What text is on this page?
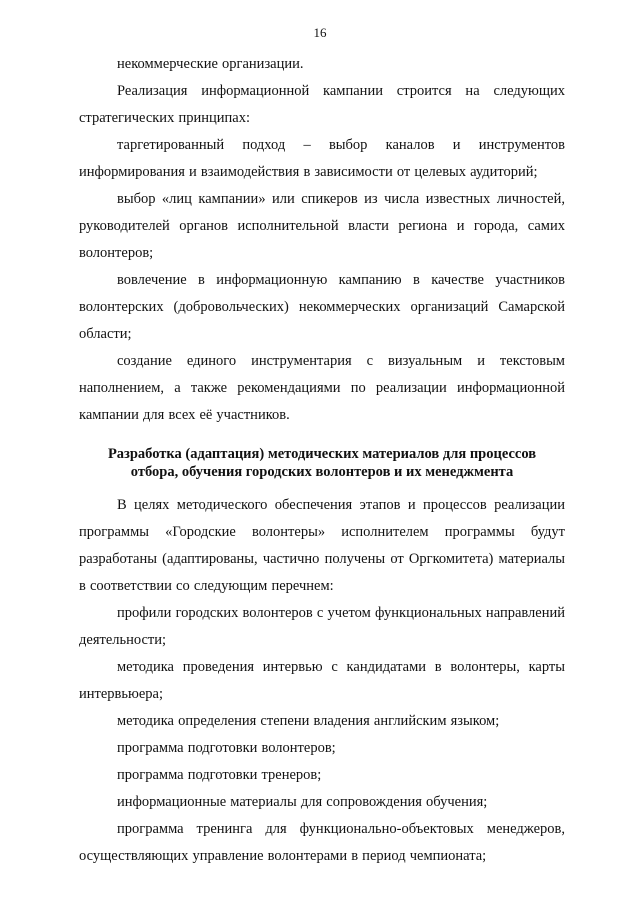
16

некоммерческие организации.

Реализация информационной кампании строится на следующих стратегических принципах:

таргетированный подход – выбор каналов и инструментов информирования и взаимодействия в зависимости от целевых аудиторий;

выбор «лиц кампании» или спикеров из числа известных личностей, руководителей органов исполнительной власти региона и города, самих волонтеров;

вовлечение в информационную кампанию в качестве участников волонтерских (добровольческих) некоммерческих организаций Самарской области;

создание единого инструментария с визуальным и текстовым наполнением, а также рекомендациями по реализации информационной кампании для всех её участников.

Разработка (адаптация) методических материалов для процессов
отбора, обучения городских волонтеров и их менеджмента

В целях методического обеспечения этапов и процессов реализации программы «Городские волонтеры» исполнителем программы будут разработаны (адаптированы, частично получены от Оргкомитета) материалы в соответствии со следующим перечнем:

профили городских волонтеров с учетом функциональных направлений деятельности;

методика проведения интервью с кандидатами в волонтеры, карты интервьюера;

методика определения степени владения английским языком;

программа подготовки волонтеров;

программа подготовки тренеров;

информационные материалы для сопровождения обучения;

программа тренинга для функционально-объектовых менеджеров, осуществляющих управление волонтерами в период чемпионата;
